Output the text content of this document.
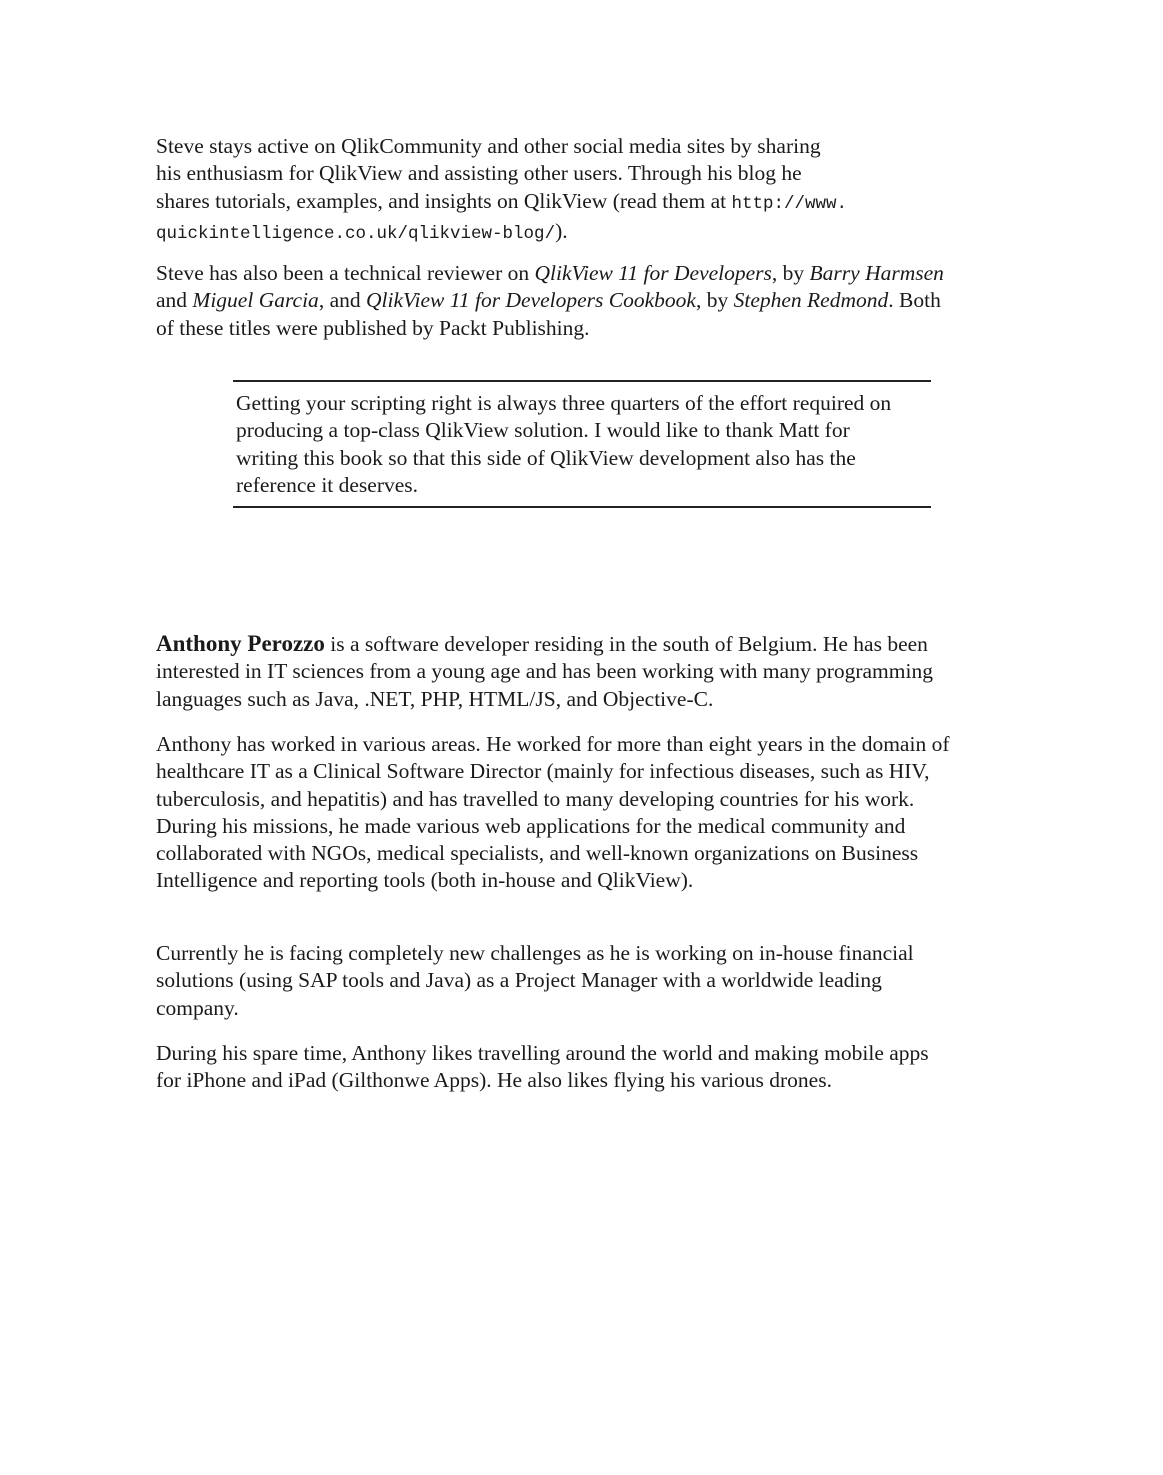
Steve stays active on QlikCommunity and other social media sites by sharing
his enthusiasm for QlikView and assisting other users. Through his blog he
shares tutorials, examples, and insights on QlikView (read them at http://www.
quickintelligence.co.uk/qlikview-blog/).

Steve has also been a technical reviewer on QlikView 11 for Developers, by Barry Harmsen and Miguel Garcia, and QlikView 11 for Developers Cookbook, by Stephen Redmond. Both of these titles were published by Packt Publishing.

Getting your scripting right is always three quarters of the effort required on producing a top-class QlikView solution. I would like to thank Matt for writing this book so that this side of QlikView development also has the reference it deserves.

Anthony Perozzo is a software developer residing in the south of Belgium. He has been interested in IT sciences from a young age and has been working with many programming languages such as Java, .NET, PHP, HTML/JS, and Objective-C.

Anthony has worked in various areas. He worked for more than eight years in the domain of healthcare IT as a Clinical Software Director (mainly for infectious diseases, such as HIV, tuberculosis, and hepatitis) and has travelled to many developing countries for his work. During his missions, he made various web applications for the medical community and collaborated with NGOs, medical specialists, and well-known organizations on Business Intelligence and reporting tools (both in-house and QlikView).

Currently he is facing completely new challenges as he is working on in-house financial solutions (using SAP tools and Java) as a Project Manager with a worldwide leading company.

During his spare time, Anthony likes travelling around the world and making mobile apps for iPhone and iPad (Gilthonwe Apps). He also likes flying his various drones.
